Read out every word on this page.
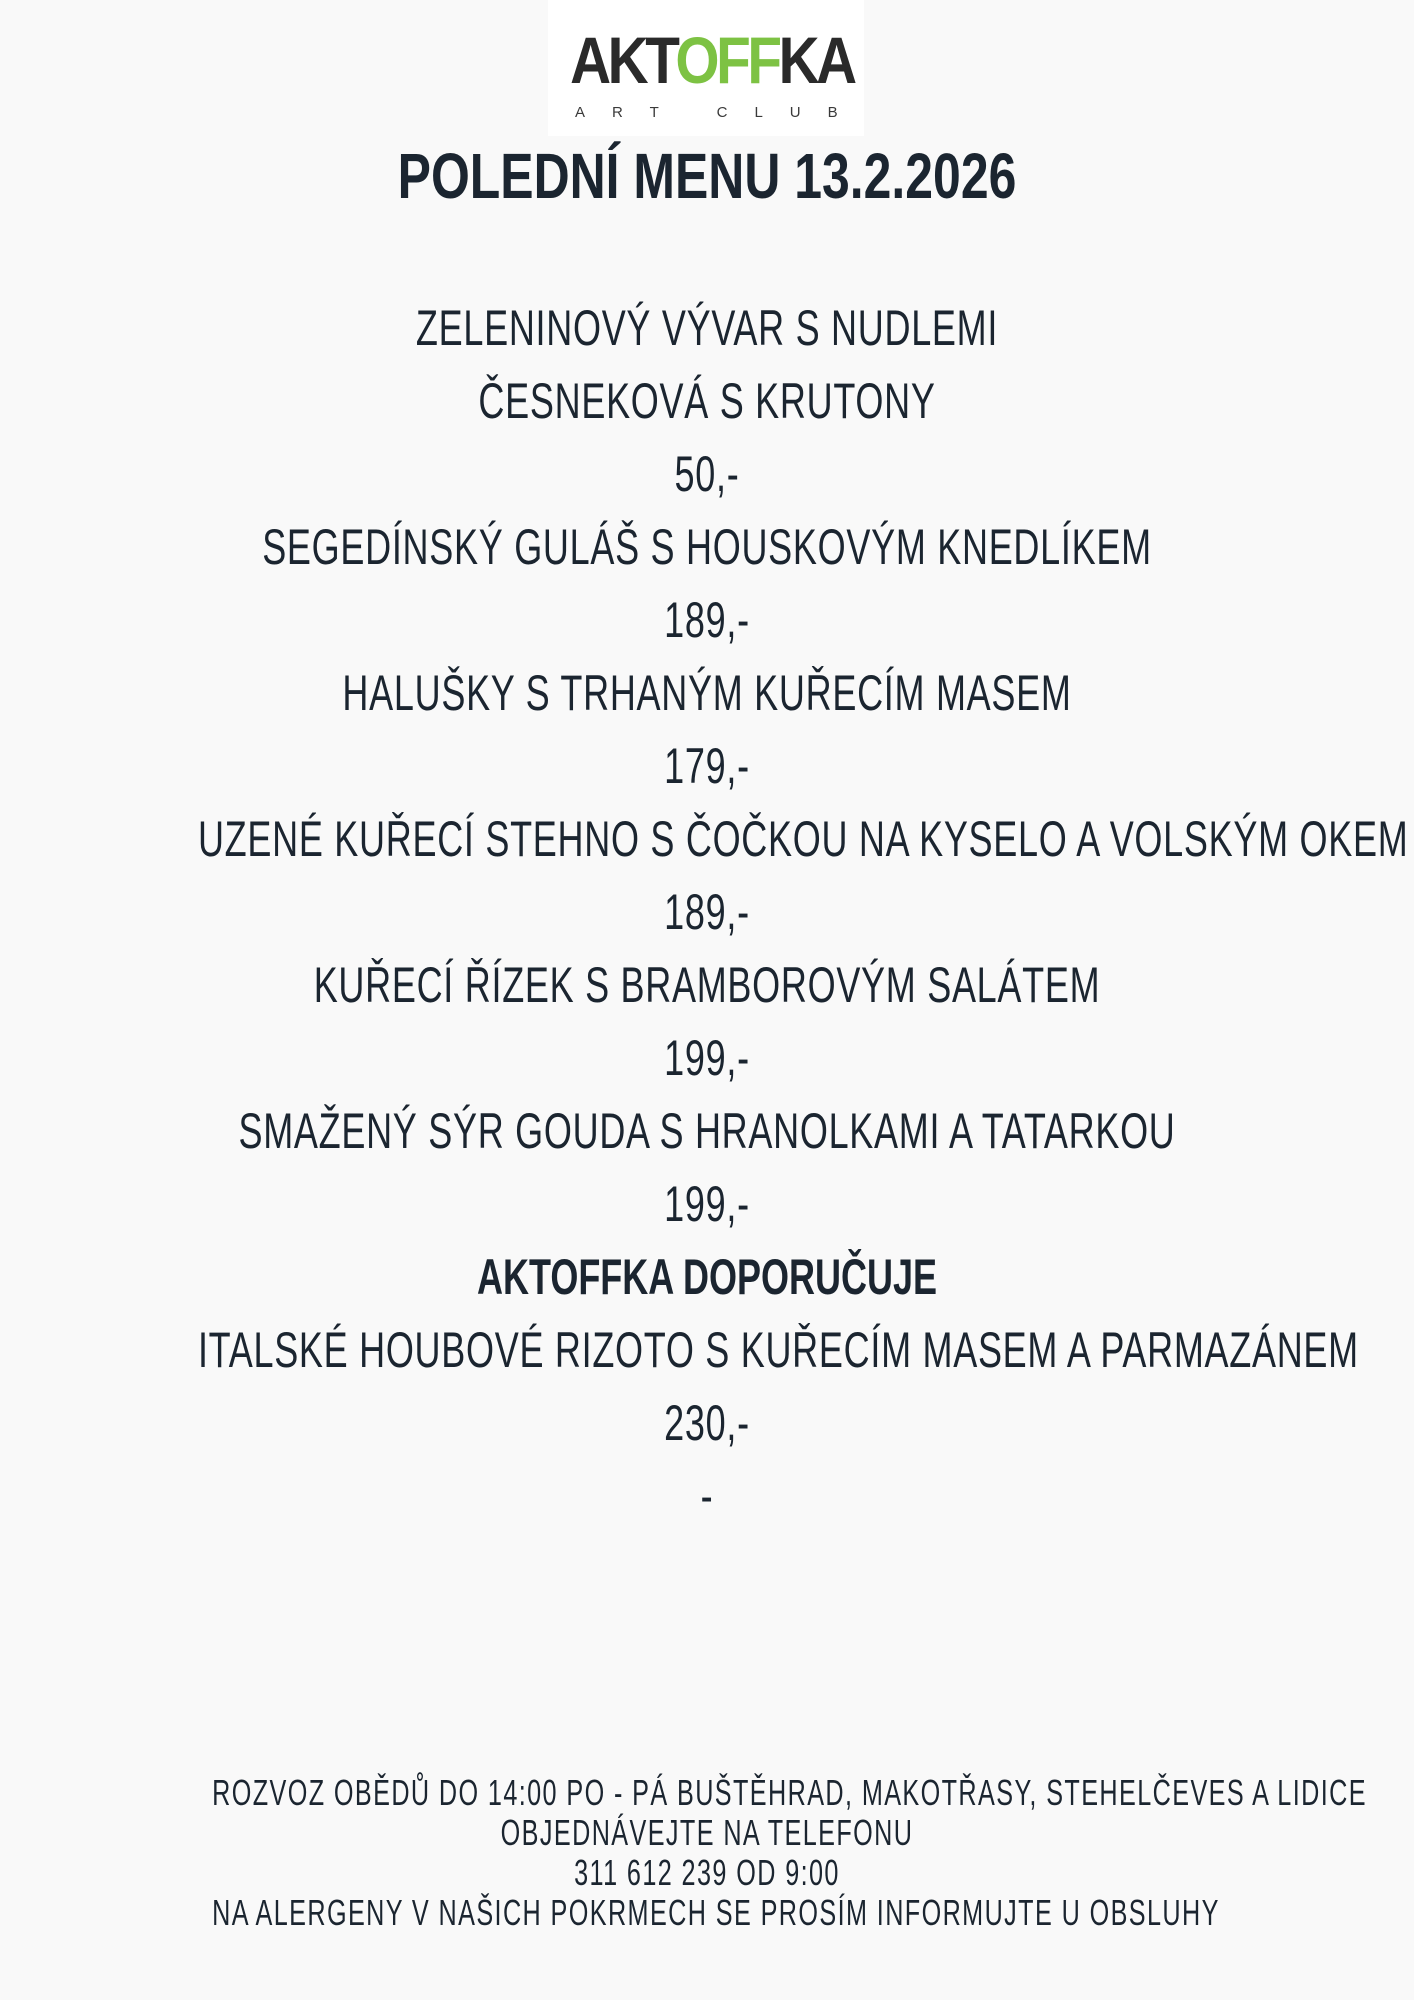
AKTOFFKA
ART CLUB
POLEDNÍ MENU 13.2.2026
ZELENINOVÝ VÝVAR S NUDLEMI
ČESNEKOVÁ S KRUTONY
50,-
SEGEDÍNSKÝ GULÁŠ S HOUSKOVÝM KNEDLÍKEM
189,-
HALUŠKY S TRHANÝM KUŘECÍM MASEM
179,-
UZENÉ KUŘECÍ STEHNO S ČOČKOU NA KYSELO A VOLSKÝM OKEM
189,-
KUŘECÍ ŘÍZEK S BRAMBOROVÝM SALÁTEM
199,-
SMAŽENÝ SÝR GOUDA S HRANOLKAMI A TATARKOU
199,-
AKTOFFKA DOPORUČUJE
ITALSKÉ HOUBOVÉ RIZOTO S KUŘECÍM MASEM A PARMAZÁNEM
230,-
-
ROZVOZ OBĚDŮ DO 14:00 PO - PÁ BUŠTĚHRAD, MAKOTŘASY, STEHELČEVES A LIDICE
OBJEDNÁVEJTE NA TELEFONU
311 612 239 OD 9:00
NA ALERGENY V NAŠICH POKRMECH SE PROSÍM INFORMUJTE U OBSLUHY
